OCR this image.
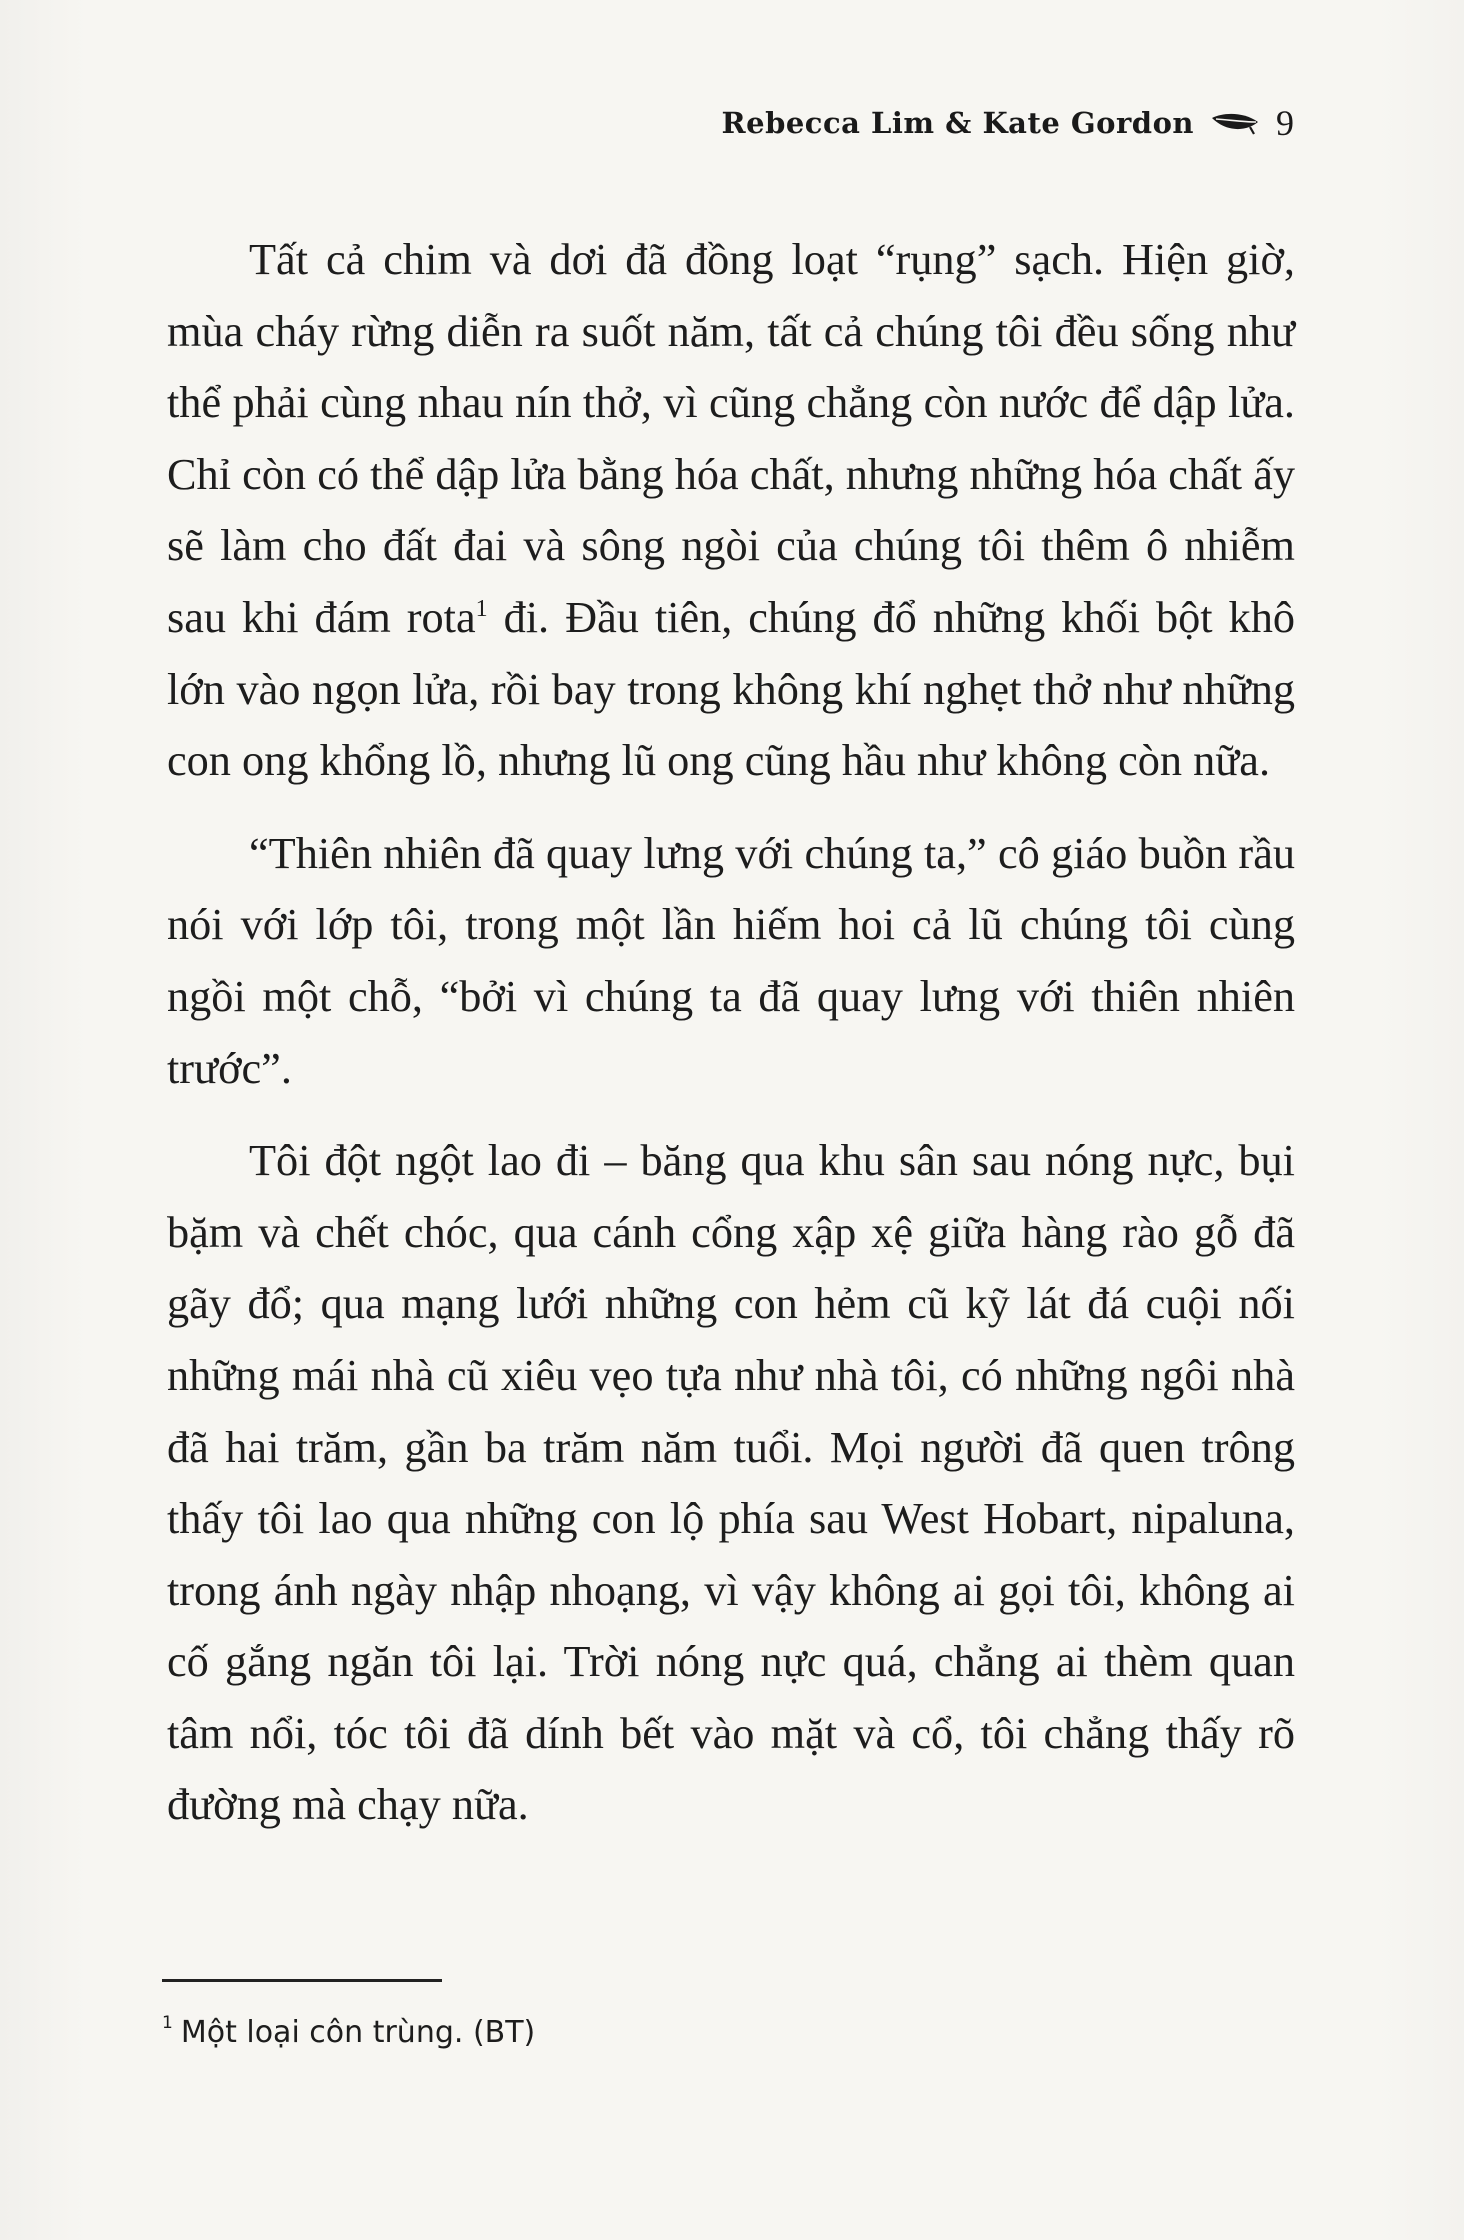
Rebecca Lim & Kate Gordon 9

Tất cả chim và dơi đã đồng loạt “rụng” sạch. Hiện giờ, mùa cháy rừng diễn ra suốt năm, tất cả chúng tôi đều sống như thể phải cùng nhau nín thở, vì cũng chẳng còn nước để dập lửa. Chỉ còn có thể dập lửa bằng hóa chất, nhưng những hóa chất ấy sẽ làm cho đất đai và sông ngòi của chúng tôi thêm ô nhiễm sau khi đám rota$^1$ đi. Đầu tiên, chúng đổ những khối bột khô lớn vào ngọn lửa, rồi bay trong không khí nghẹt thở như những con ong khổng lồ, nhưng lũ ong cũng hầu như không còn nữa.

“Thiên nhiên đã quay lưng với chúng ta,” cô giáo buồn rầu nói với lớp tôi, trong một lần hiếm hoi cả lũ chúng tôi cùng ngồi một chỗ, “bởi vì chúng ta đã quay lưng với thiên nhiên trước”.

Tôi đột ngột lao đi – băng qua khu sân sau nóng nực, bụi bặm và chết chóc, qua cánh cổng xập xệ giữa hàng rào gỗ đã gãy đổ; qua mạng lưới những con hẻm cũ kỹ lát đá cuội nối những mái nhà cũ xiêu vẹo tựa như nhà tôi, có những ngôi nhà đã hai trăm, gần ba trăm năm tuổi. Mọi người đã quen trông thấy tôi lao qua những con lộ phía sau West Hobart, nipaluna, trong ánh ngày nhập nhoạng, vì vậy không ai gọi tôi, không ai cố gắng ngăn tôi lại. Trời nóng nực quá, chẳng ai thèm quan tâm nổi, tóc tôi đã dính bết vào mặt và cổ, tôi chẳng thấy rõ đường mà chạy nữa.

$^1$ Một loại côn trùng. (BT)
